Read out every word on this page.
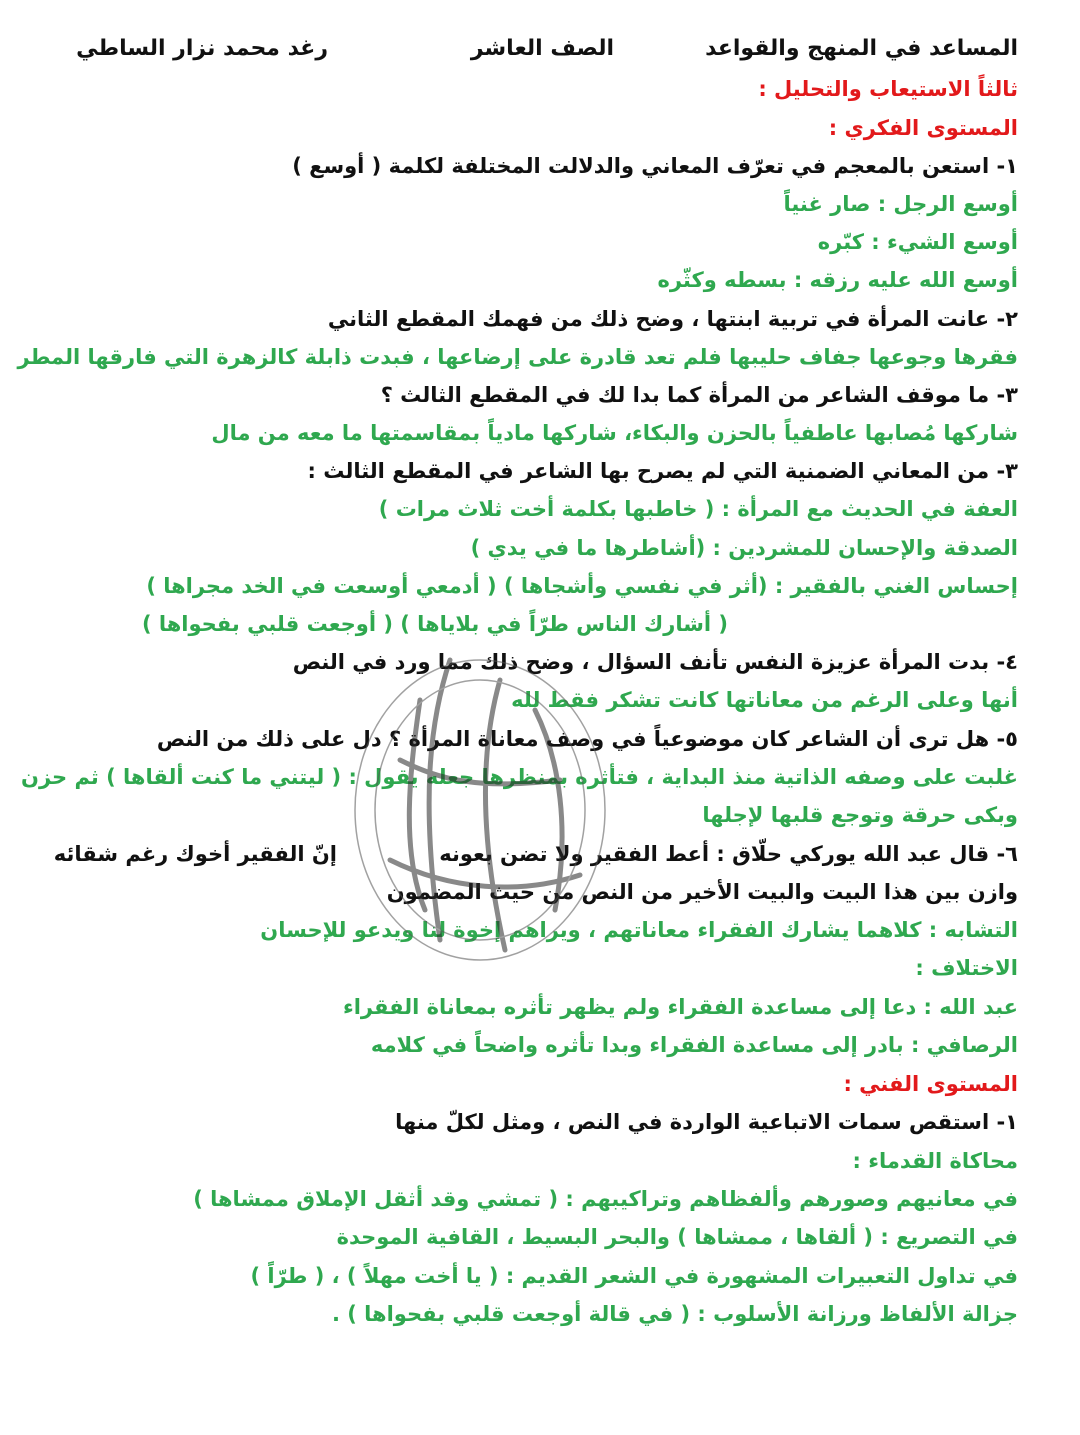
المساعد في المنهج والقواعد
الصف العاشر
رغد محمد نزار الساطي
ثالثاً الاستيعاب والتحليل :
المستوى الفكري :
١- استعن بالمعجم في تعرّف المعاني والدلالت المختلفة لكلمة ( أوسع )
أوسع الرجل : صار غنياً
أوسع الشيء : كبّره
أوسع الله عليه رزقه : بسطه وكثّره
٢- عانت المرأة في تربية ابنتها ، وضح ذلك من فهمك المقطع الثاني
فقرها وجوعها جفاف حليبها فلم تعد قادرة على إرضاعها ، فبدت ذابلة كالزهرة التي فارقها المطر
٣- ما موقف الشاعر من المرأة كما بدا لك في المقطع الثالث ؟
شاركها مُصابها عاطفياً بالحزن والبكاء، شاركها مادياً بمقاسمتها ما معه من مال
٣- من المعاني الضمنية التي لم يصرح بها الشاعر في المقطع الثالث :
العفة في الحديث مع المرأة : ( خاطبها بكلمة أخت ثلاث مرات )
الصدقة والإحسان للمشردين : (أشاطرها ما في يدي )
إحساس الغني بالفقير : (أثر في نفسي وأشجاها ) ( أدمعي أوسعت في الخد مجراها )
( أشارك الناس طرّاً في بلاياها ) ( أوجعت قلبي بفحواها )
٤- بدت المرأة عزيزة النفس تأنف السؤال ، وضح ذلك مما ورد في النص
أنها وعلى الرغم من معاناتها كانت تشكر فقط لله
٥- هل ترى أن الشاعر كان موضوعياً في وصف معاناة المرأة ؟ دل على ذلك من النص
غلبت على وصفه الذاتية منذ البداية ، فتأثره بمنظرها جعله يقول : ( ليتني ما كنت ألقاها ) ثم حزن
وبكى حرقة وتوجع قلبها لإجلها
٦- قال عبد الله يوركي حلّاق : أعط الفقير ولا تضن بعونه
إنّ الفقير أخوك رغم شقائه
وازن بين هذا البيت والبيت الأخير من النص من حيث المضمون
التشابه : كلاهما يشارك الفقراء معاناتهم ، ويراهم إخوة لنا ويدعو للإحسان
الاختلاف :
عبد الله : دعا إلى مساعدة الفقراء ولم يظهر تأثره بمعاناة الفقراء
الرصافي : بادر إلى مساعدة الفقراء وبدا تأثره واضحاً في كلامه
المستوى الفني :
١- استقص سمات الاتباعية الواردة في النص ، ومثل لكلّ منها
محاكاة القدماء :
في معانيهم وصورهم وألفظاهم وتراكيبهم : ( تمشي وقد أثقل الإملاق ممشاها )
في التصريع : ( ألقاها ، ممشاها ) والبحر البسيط ، القافية الموحدة
في تداول التعبيرات المشهورة في الشعر القديم : ( يا أخت مهلاً ) ، ( طرّاً )
جزالة الألفاظ ورزانة الأسلوب : ( في قالة أوجعت قلبي بفحواها ) .
